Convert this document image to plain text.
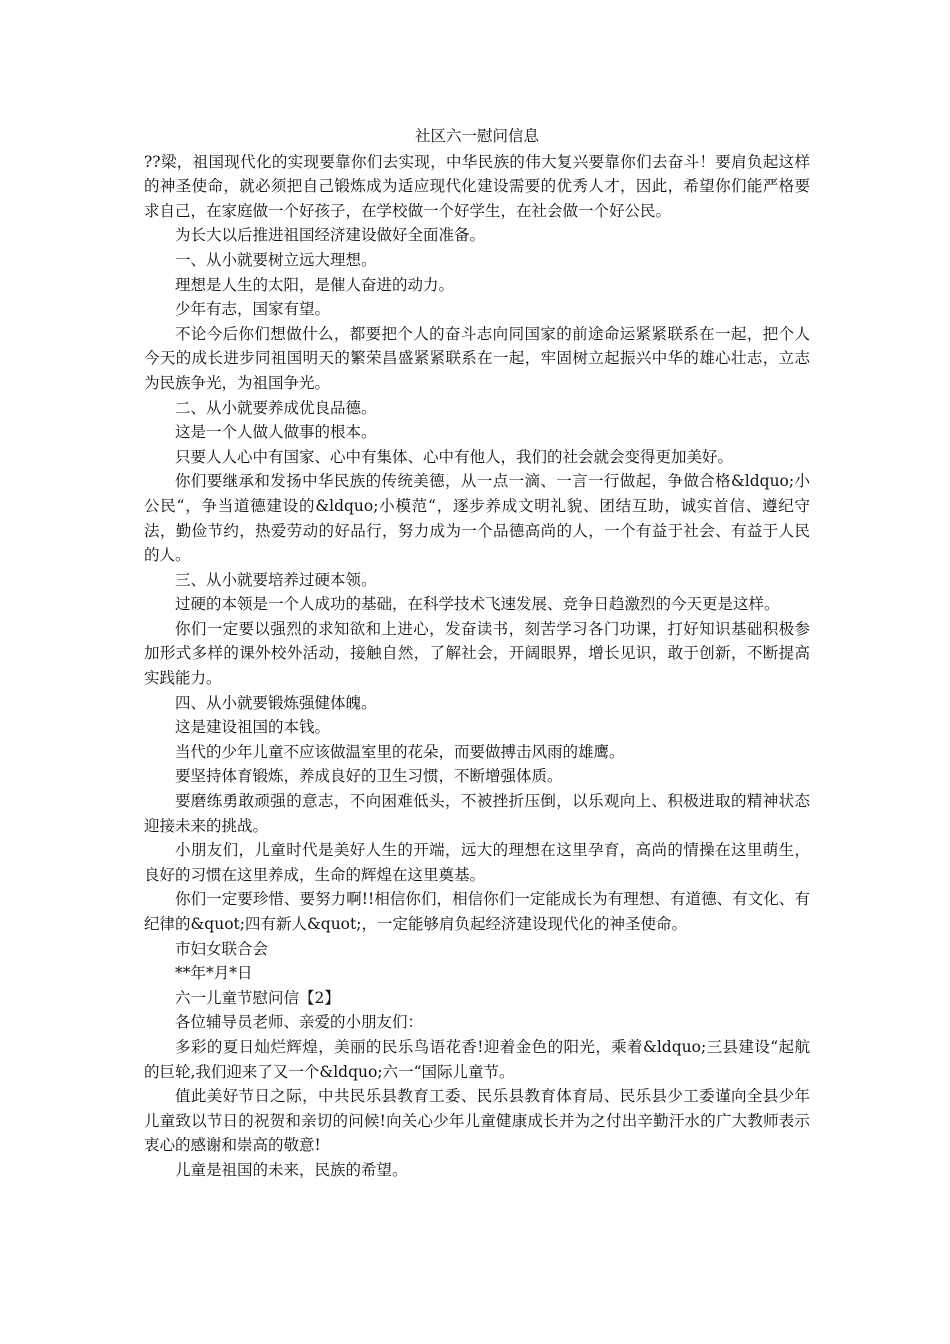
社区六一慰问信息

??梁，祖国现代化的实现要靠你们去实现，中华民族的伟大复兴要靠你们去奋斗！要肩负起这样的神圣使命，就必须把自己锻炼成为适应现代化建设需要的优秀人才，因此，希望你们能严格要求自己，在家庭做一个好孩子，在学校做一个好学生，在社会做一个好公民。

为长大以后推进祖国经济建设做好全面准备。

一、从小就要树立远大理想。

理想是人生的太阳，是催人奋进的动力。

少年有志，国家有望。

不论今后你们想做什么，都要把个人的奋斗志向同国家的前途命运紧紧联系在一起，把个人今天的成长进步同祖国明天的繁荣昌盛紧紧联系在一起，牢固树立起振兴中华的雄心壮志，立志为民族争光，为祖国争光。

二、从小就要养成优良品德。

这是一个人做人做事的根本。

只要人人心中有国家、心中有集体、心中有他人，我们的社会就会变得更加美好。

你们要继承和发扬中华民族的传统美德，从一点一滴、一言一行做起，争做合格&ldquo;小公民“，争当道德建设的&ldquo;小模范“，逐步养成文明礼貌、团结互助，诚实首信、遵纪守法，勤俭节约，热爱劳动的好品行，努力成为一个品德高尚的人，一个有益于社会、有益于人民的人。

三、从小就要培养过硬本领。

过硬的本领是一个人成功的基础，在科学技术飞速发展、竞争日趋激烈的今天更是这样。

你们一定要以强烈的求知欲和上进心，发奋读书，刻苦学习各门功课，打好知识基础积极参加形式多样的课外校外活动，接触自然，了解社会，开阔眼界，增长见识，敢于创新，不断提高实践能力。

四、从小就要锻炼强健体魄。

这是建设祖国的本钱。

当代的少年儿童不应该做温室里的花朵，而要做搏击风雨的雄鹰。

要坚持体育锻炼，养成良好的卫生习惯，不断增强体质。

要磨练勇敢顽强的意志，不向困难低头，不被挫折压倒，以乐观向上、积极进取的精神状态迎接未来的挑战。

小朋友们，儿童时代是美好人生的开端，远大的理想在这里孕育，高尚的情操在这里萌生，良好的习惯在这里养成，生命的辉煌在这里奠基。

你们一定要珍惜、要努力啊!!相信你们，相信你们一定能成长为有理想、有道德、有文化、有纪律的&quot;四有新人&quot;，一定能够肩负起经济建设现代化的神圣使命。

市妇女联合会

**年*月*日

六一儿童节慰问信【2】

各位辅导员老师、亲爱的小朋友们：

多彩的夏日灿烂辉煌，美丽的民乐鸟语花香!迎着金色的阳光，乘着&ldquo;三县建设“起航的巨轮,我们迎来了又一个&ldquo;六一“国际儿童节。

值此美好节日之际，中共民乐县教育工委、民乐县教育体育局、民乐县少工委谨向全县少年儿童致以节日的祝贺和亲切的问候!向关心少年儿童健康成长并为之付出辛勤汗水的广大教师表示衷心的感谢和崇高的敬意!

儿童是祖国的未来，民族的希望。
